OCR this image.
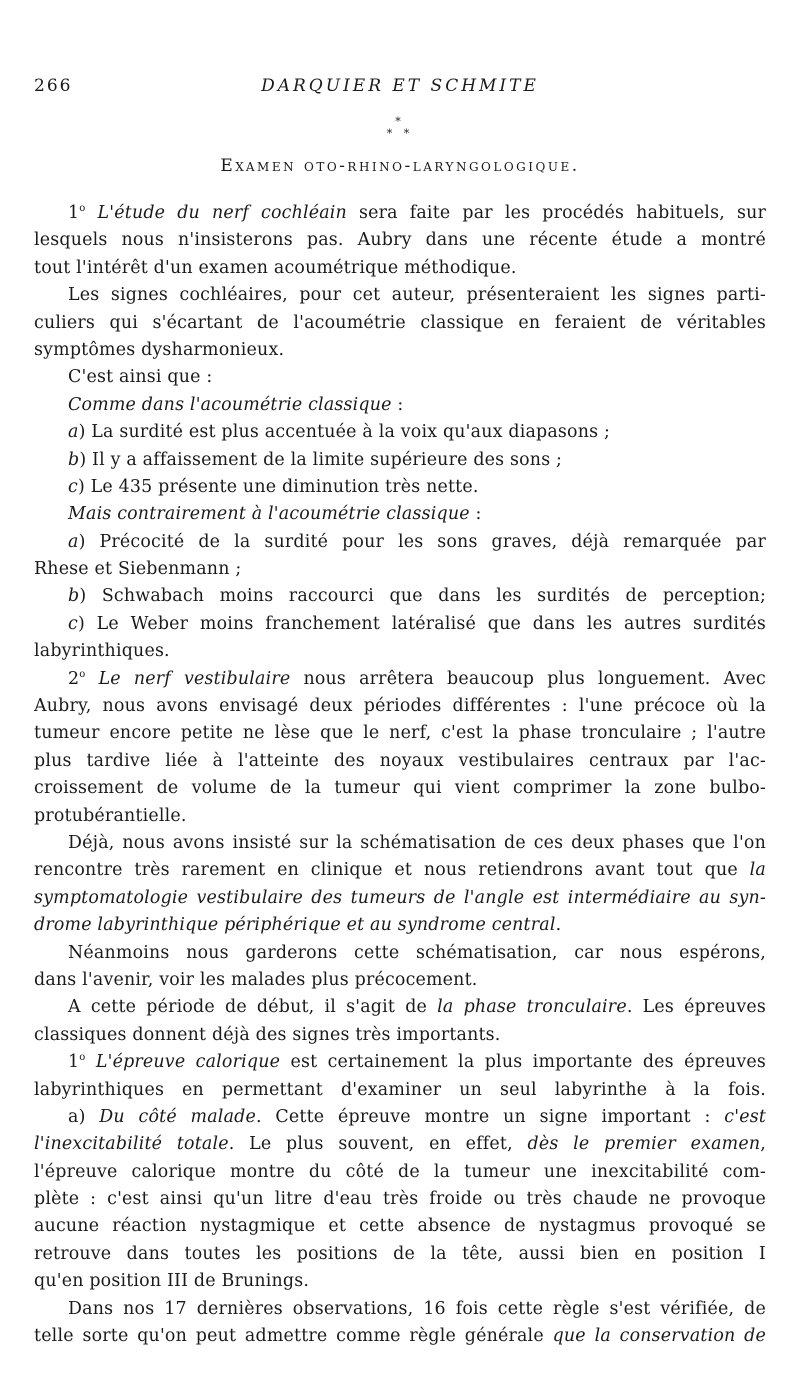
266	DARQUIER ET SCHMITE
*
* *
Examen oto-rhino-laryngologique.
1$^o$ L'étude du nerf cochléain sera faite par les procédés habituels, sur
lesquels nous n'insisterons pas. Aubry dans une récente étude a montré
tout l'intérêt d'un examen acoumétrique méthodique.
Les signes cochléaires, pour cet auteur, présenteraient les signes parti-
culiers qui s'écartant de l'acoumétrie classique en feraient de véritables
symptômes dysharmonieux.
C'est ainsi que :
Comme dans l'acoumétrie classique :
a) La surdité est plus accentuée à la voix qu'aux diapasons ;
b) Il y a affaissement de la limite supérieure des sons ;
c) Le 435 présente une diminution très nette.
Mais contrairement à l'acoumétrie classique :
a) Précocité de la surdité pour les sons graves, déjà remarquée par
Rhese et Siebenmann ;
b) Schwabach moins raccourci que dans les surdités de perception;
c) Le Weber moins franchement latéralisé que dans les autres surdités
labyrinthiques.
2$^o$ Le nerf vestibulaire nous arrêtera beaucoup plus longuement. Avec
Aubry, nous avons envisagé deux périodes différentes : l'une précoce où la
tumeur encore petite ne lèse que le nerf, c'est la phase tronculaire ; l'autre
plus tardive liée à l'atteinte des noyaux vestibulaires centraux par l'ac-
croissement de volume de la tumeur qui vient comprimer la zone bulbo-
protubérantielle.
Déjà, nous avons insisté sur la schématisation de ces deux phases que l'on
rencontre très rarement en clinique et nous retiendrons avant tout que la
symptomatologie vestibulaire des tumeurs de l'angle est intermédiaire au syn-
drome labyrinthique périphérique et au syndrome central.
Néanmoins nous garderons cette schématisation, car nous espérons,
dans l'avenir, voir les malades plus précocement.
A cette période de début, il s'agit de la phase tronculaire. Les épreuves
classiques donnent déjà des signes très importants.
1$^o$ L'épreuve calorique est certainement la plus importante des épreuves
labyrinthiques en permettant d'examiner un seul labyrinthe à la fois.
a) Du côté malade. Cette épreuve montre un signe important : c'est
l'inexcitabilité totale. Le plus souvent, en effet, dès le premier examen,
l'épreuve calorique montre du côté de la tumeur une inexcitabilité com-
plète : c'est ainsi qu'un litre d'eau très froide ou très chaude ne provoque
aucune réaction nystagmique et cette absence de nystagmus provoqué se
retrouve dans toutes les positions de la tête, aussi bien en position I
qu'en position III de Brunings.
Dans nos 17 dernières observations, 16 fois cette règle s'est vérifiée, de
telle sorte qu'on peut admettre comme règle générale que la conservation de
